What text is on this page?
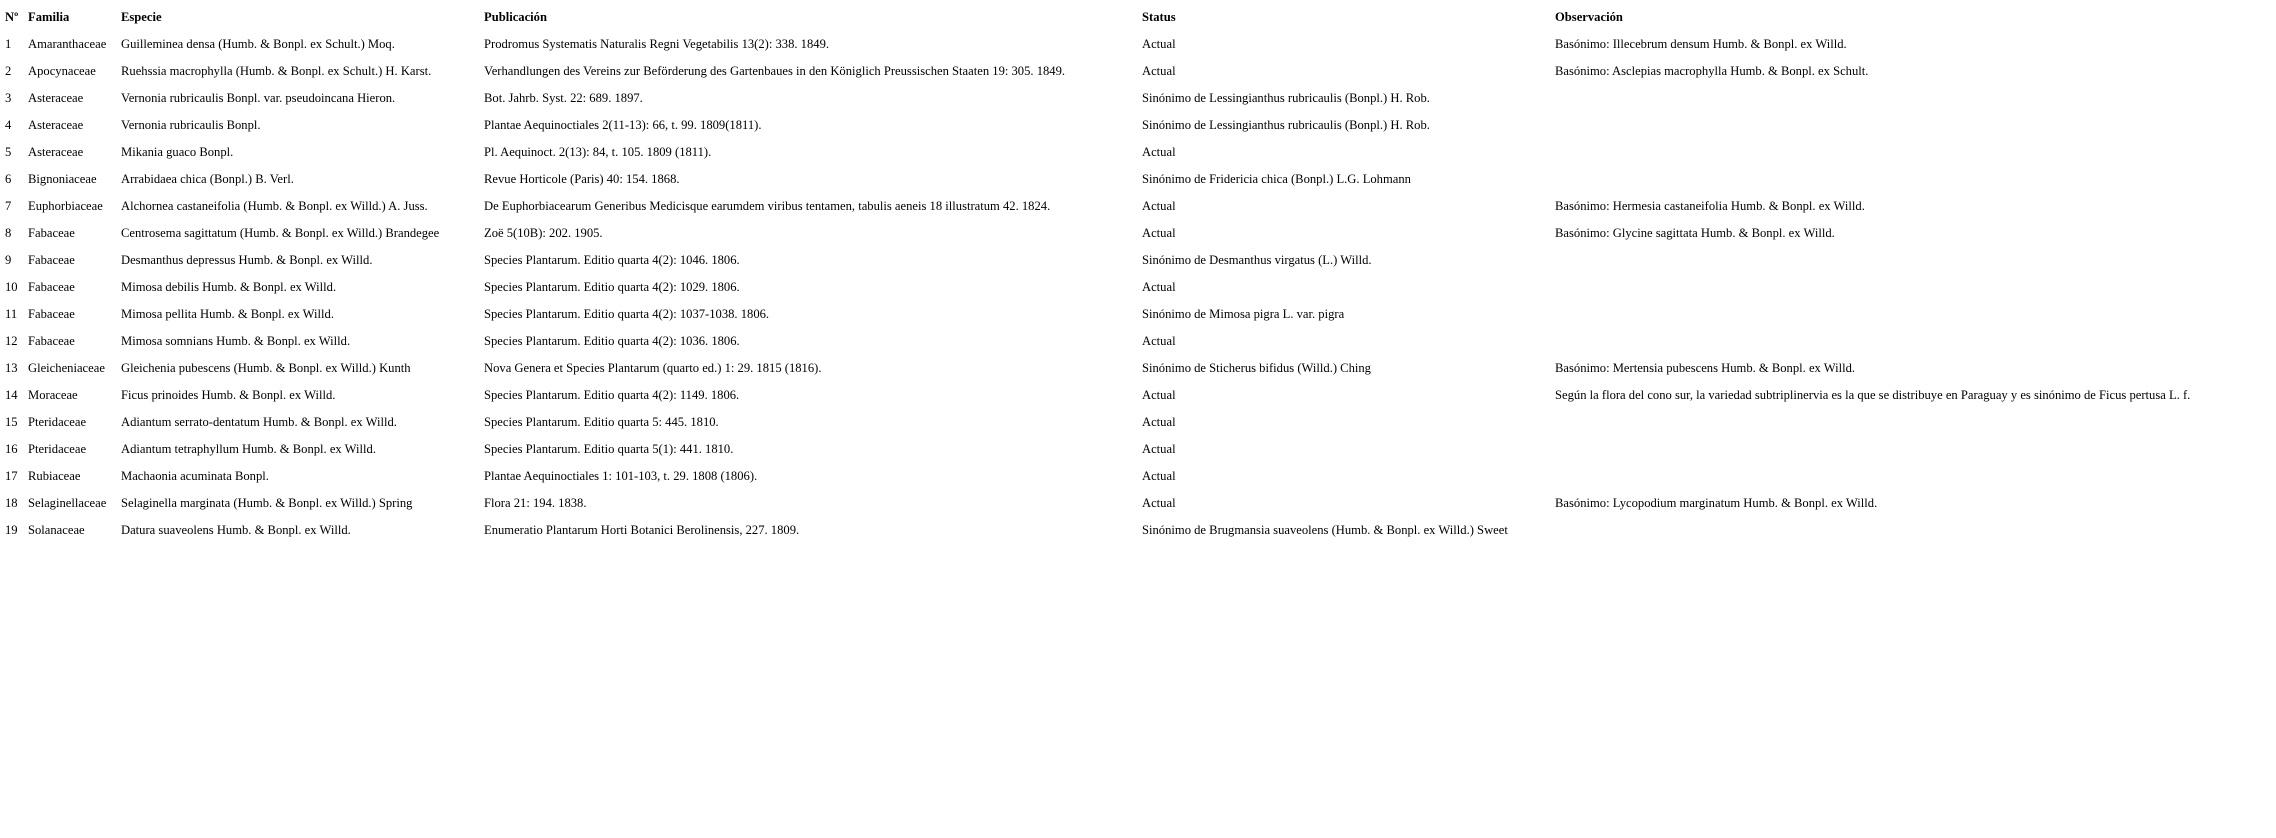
Nº	Familia	Especie	Publicación	Status	Observación
1	Amaranthaceae	Guilleminea densa (Humb. & Bonpl. ex Schult.) Moq.	Prodromus Systematis Naturalis Regni Vegetabilis 13(2): 338. 1849.	Actual	Basónimo: Illecebrum densum Humb. & Bonpl. ex Willd.
2	Apocynaceae	Ruehssia macrophylla (Humb. & Bonpl. ex Schult.) H. Karst.	Verhandlungen des Vereins zur Beförderung des Gartenbaues in den Königlich Preussischen Staaten 19: 305. 1849.	Actual	Basónimo: Asclepias macrophylla Humb. & Bonpl. ex Schult.
3	Asteraceae	Vernonia rubricaulis Bonpl. var. pseudoincana Hieron.	Bot. Jahrb. Syst. 22: 689. 1897.	Sinónimo de Lessingianthus rubricaulis (Bonpl.) H. Rob.	
4	Asteraceae	Vernonia rubricaulis Bonpl.	Plantae Aequinoctiales 2(11-13): 66, t. 99. 1809(1811).	Sinónimo de Lessingianthus rubricaulis (Bonpl.) H. Rob.	
5	Asteraceae	Mikania guaco Bonpl.	Pl. Aequinoct. 2(13): 84, t. 105. 1809 (1811).	Actual	
6	Bignoniaceae	Arrabidaea chica (Bonpl.) B. Verl.	Revue Horticole (Paris) 40: 154. 1868.	Sinónimo de Fridericia chica (Bonpl.) L.G. Lohmann	
7	Euphorbiaceae	Alchornea castaneifolia (Humb. & Bonpl. ex Willd.) A. Juss.	De Euphorbiacearum Generibus Medicisque earumdem viribus tentamen, tabulis aeneis 18 illustratum 42. 1824.	Actual	Basónimo: Hermesia castaneifolia Humb. & Bonpl. ex Willd.
8	Fabaceae	Centrosema sagittatum (Humb. & Bonpl. ex Willd.) Brandegee	Zoë 5(10B): 202. 1905.	Actual	Basónimo: Glycine sagittata Humb. & Bonpl. ex Willd.
9	Fabaceae	Desmanthus depressus Humb. & Bonpl. ex Willd.	Species Plantarum. Editio quarta 4(2): 1046. 1806.	Sinónimo de Desmanthus virgatus (L.) Willd.	
10	Fabaceae	Mimosa debilis Humb. & Bonpl. ex Willd.	Species Plantarum. Editio quarta 4(2): 1029. 1806.	Actual	
11	Fabaceae	Mimosa pellita Humb. & Bonpl. ex Willd.	Species Plantarum. Editio quarta 4(2): 1037-1038. 1806.	Sinónimo de Mimosa pigra L. var. pigra	
12	Fabaceae	Mimosa somnians Humb. & Bonpl. ex Willd.	Species Plantarum. Editio quarta 4(2): 1036. 1806.	Actual	
13	Gleicheniaceae	Gleichenia pubescens (Humb. & Bonpl. ex Willd.) Kunth	Nova Genera et Species Plantarum (quarto ed.) 1: 29. 1815 (1816).	Sinónimo de Sticherus bifidus (Willd.) Ching	Basónimo: Mertensia pubescens Humb. & Bonpl. ex Willd.
14	Moraceae	Ficus prinoides Humb. & Bonpl. ex Willd.	Species Plantarum. Editio quarta 4(2): 1149. 1806.	Actual	Según la flora del cono sur, la variedad subtriplinervia es la que se distribuye en Paraguay y es sinónimo de Ficus pertusa L. f.
15	Pteridaceae	Adiantum serrato-dentatum Humb. & Bonpl. ex Willd.	Species Plantarum. Editio quarta 5: 445. 1810.	Actual	
16	Pteridaceae	Adiantum tetraphyllum Humb. & Bonpl. ex Willd.	Species Plantarum. Editio quarta 5(1): 441. 1810.	Actual	
17	Rubiaceae	Machaonia acuminata Bonpl.	Plantae Aequinoctiales 1: 101-103, t. 29. 1808 (1806).	Actual	
18	Selaginellaceae	Selaginella marginata (Humb. & Bonpl. ex Willd.) Spring	Flora 21: 194. 1838.	Actual	Basónimo: Lycopodium marginatum Humb. & Bonpl. ex Willd.
19	Solanaceae	Datura suaveolens Humb. & Bonpl. ex Willd.	Enumeratio Plantarum Horti Botanici Berolinensis, 227. 1809.	Sinónimo de Brugmansia suaveolens (Humb. & Bonpl. ex Willd.) Sweet	
